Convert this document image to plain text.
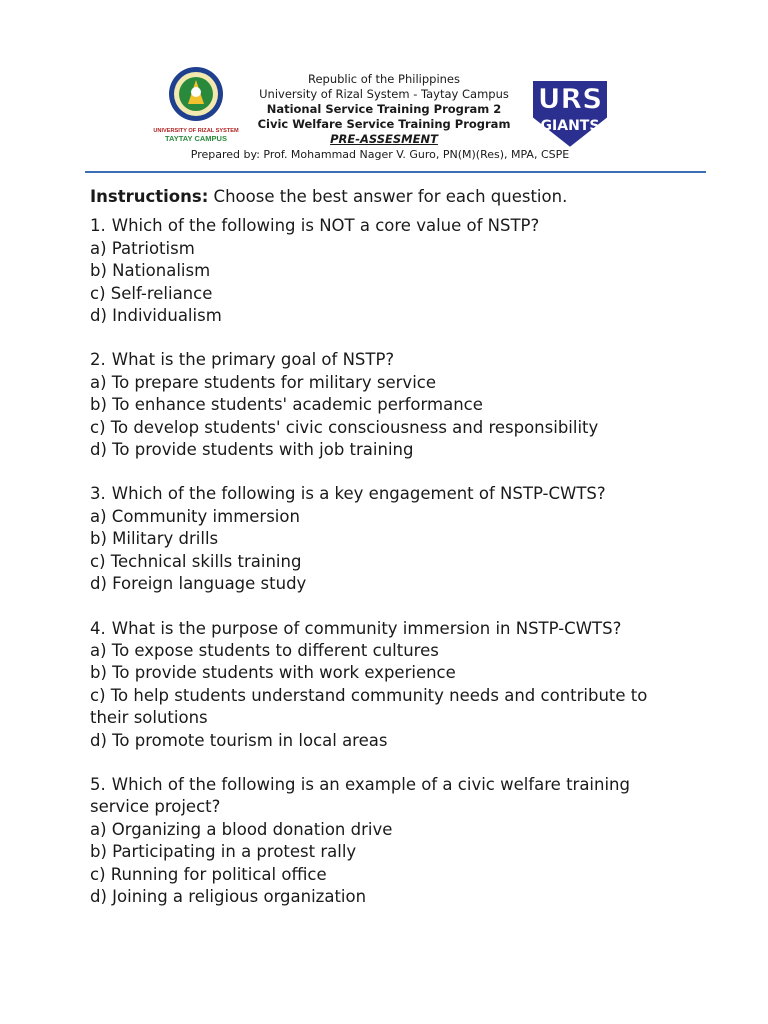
UNIVERSITY OF RIZAL SYSTEM
TAYTAY CAMPUS
Republic of the Philippines
University of Rizal System - Taytay Campus
National Service Training Program 2
Civic Welfare Service Training Program
PRE-ASSESMENT
URS
GIANTS
Prepared by: Prof. Mohammad Nager V. Guro, PN(M)(Res), MPA, CSPE
Instructions: Choose the best answer for each question.
1. Which of the following is NOT a core value of NSTP?
a) Patriotism
b) Nationalism
c) Self-reliance
d) Individualism
2. What is the primary goal of NSTP?
a) To prepare students for military service
b) To enhance students' academic performance
c) To develop students' civic consciousness and responsibility
d) To provide students with job training
3. Which of the following is a key engagement of NSTP-CWTS?
a) Community immersion
b) Military drills
c) Technical skills training
d) Foreign language study
4. What is the purpose of community immersion in NSTP-CWTS?
a) To expose students to different cultures
b) To provide students with work experience
c) To help students understand community needs and contribute to their solutions
d) To promote tourism in local areas
5. Which of the following is an example of a civic welfare training service project?
a) Organizing a blood donation drive
b) Participating in a protest rally
c) Running for political office
d) Joining a religious organization
